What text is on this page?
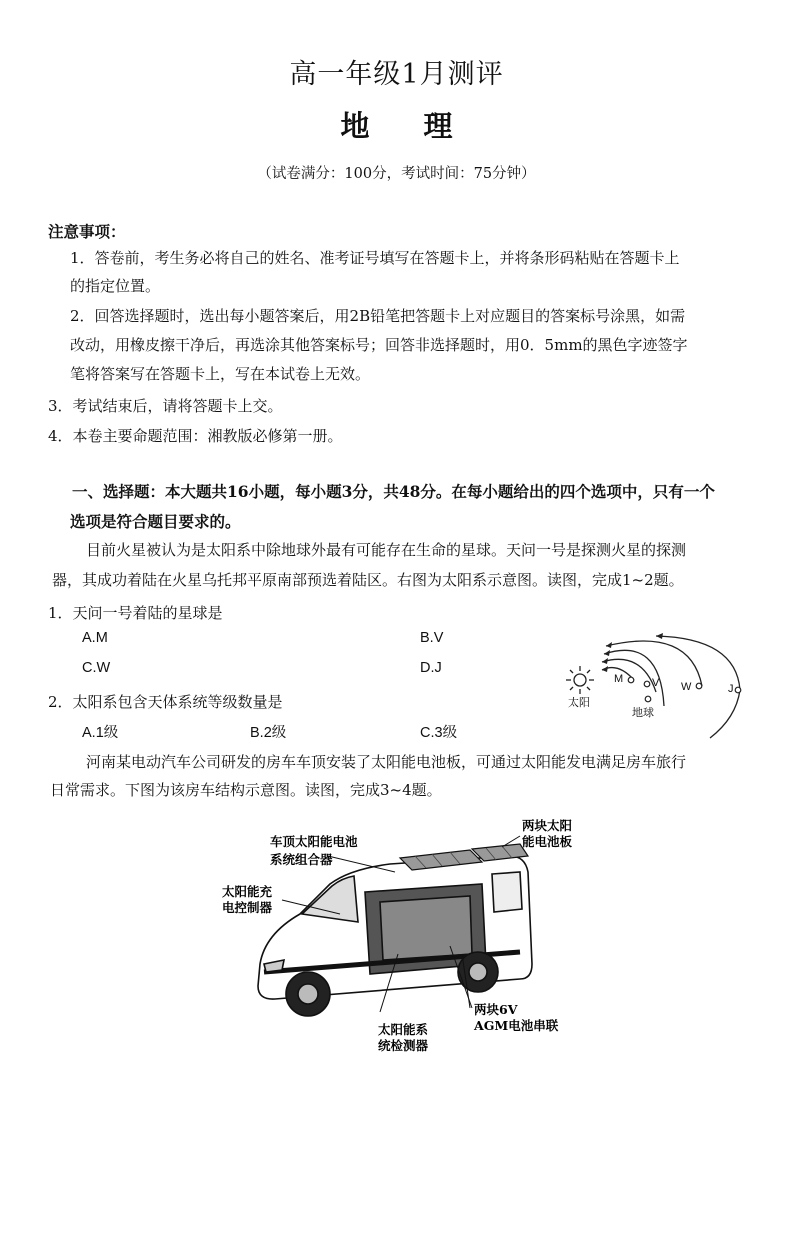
高一年级1月测评
地理
（试卷满分：100分，考试时间：75分钟）
注意事项：
1．答卷前，考生务必将自己的姓名、准考证号填写在答题卡上，并将条形码粘贴在答题卡上
的指定位置。
2．回答选择题时，选出每小题答案后，用2B铅笔把答题卡上对应题目的答案标号涂黑，如需
改动，用橡皮擦干净后，再选涂其他答案标号；回答非选择题时，用0．5mm的黑色字迹签字
笔将答案写在答题卡上，写在本试卷上无效。
3．考试结束后，请将答题卡上交。
4．本卷主要命题范围：湘教版必修第一册。
一、选择题：本大题共16小题，每小题3分，共48分。在每小题给出的四个选项中，只有一个
选项是符合题目要求的。
目前火星被认为是太阳系中除地球外最有可能存在生命的星球。天问一号是探测火星的探测
器，其成功着陆在火星乌托邦平原南部预选着陆区。右图为太阳系示意图。读图，完成1~2题。
1．天问一号着陆的星球是
A.M	B.V
C.W	D.J
2．太阳系包含天体系统等级数量是
A.1级	B.2级	C.3级
M	V W	J
太阳
地球
河南某电动汽车公司研发的房车车顶安装了太阳能电池板，可通过太阳能发电满足房车旅行
日常需求。下图为该房车结构示意图。读图，完成3~4题。
车顶太阳能电池
系统组合器
两块太阳
能电池板
太阳能充
电控制器
太阳能系
统检测器
两块6V
AGM电池串联
